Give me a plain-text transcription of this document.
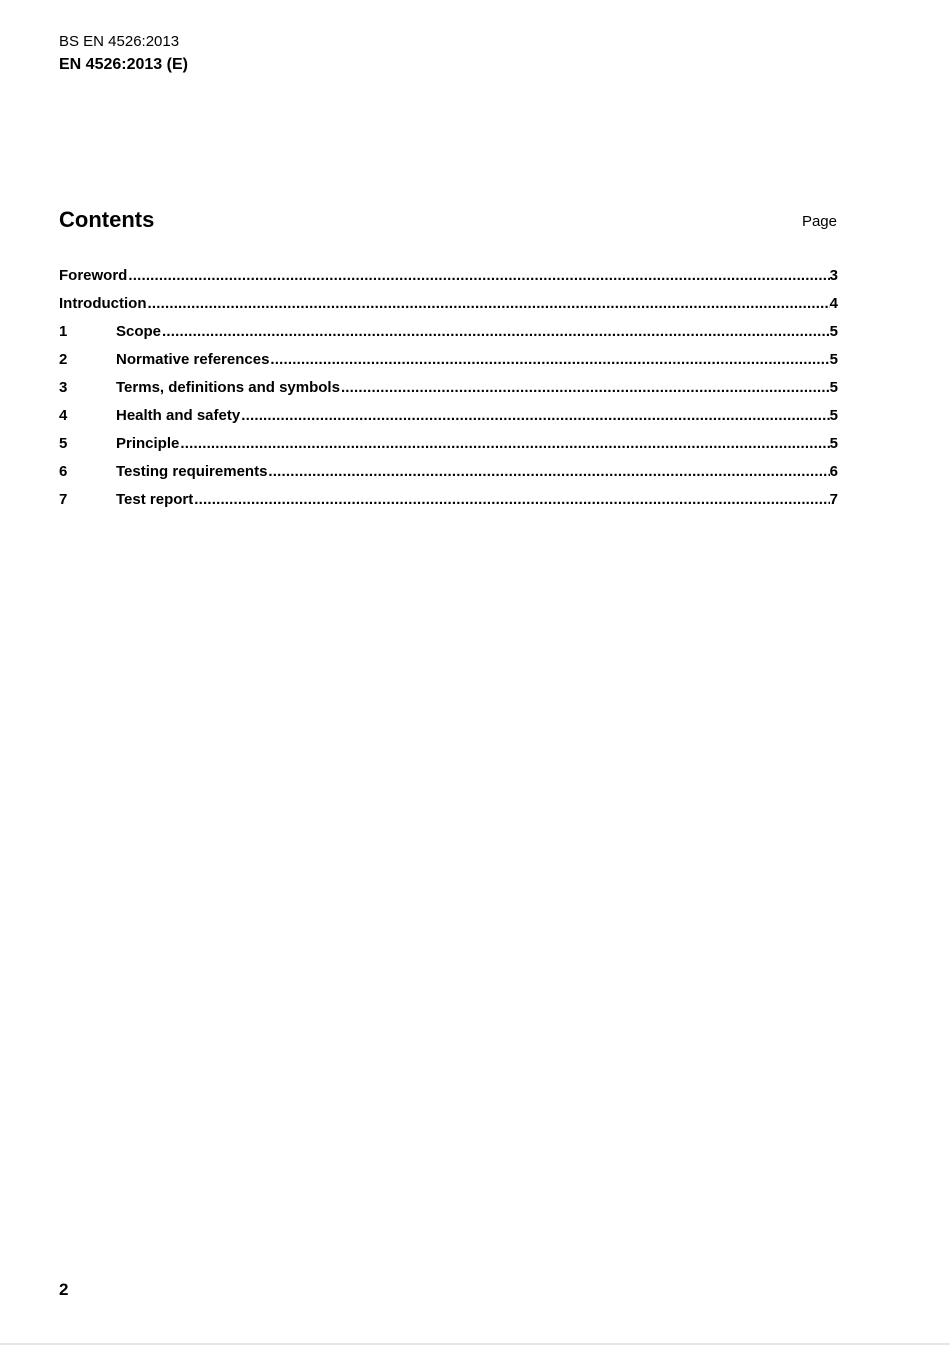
BS EN 4526:2013
EN 4526:2013 (E)
Contents	Page
Foreword .....	3
Introduction .....	4
1	Scope .....	5
2	Normative references .....	5
3	Terms, definitions and symbols .....	5
4	Health and safety .....	5
5	Principle .....	5
6	Testing requirements .....	6
7	Test report .....	7
2
